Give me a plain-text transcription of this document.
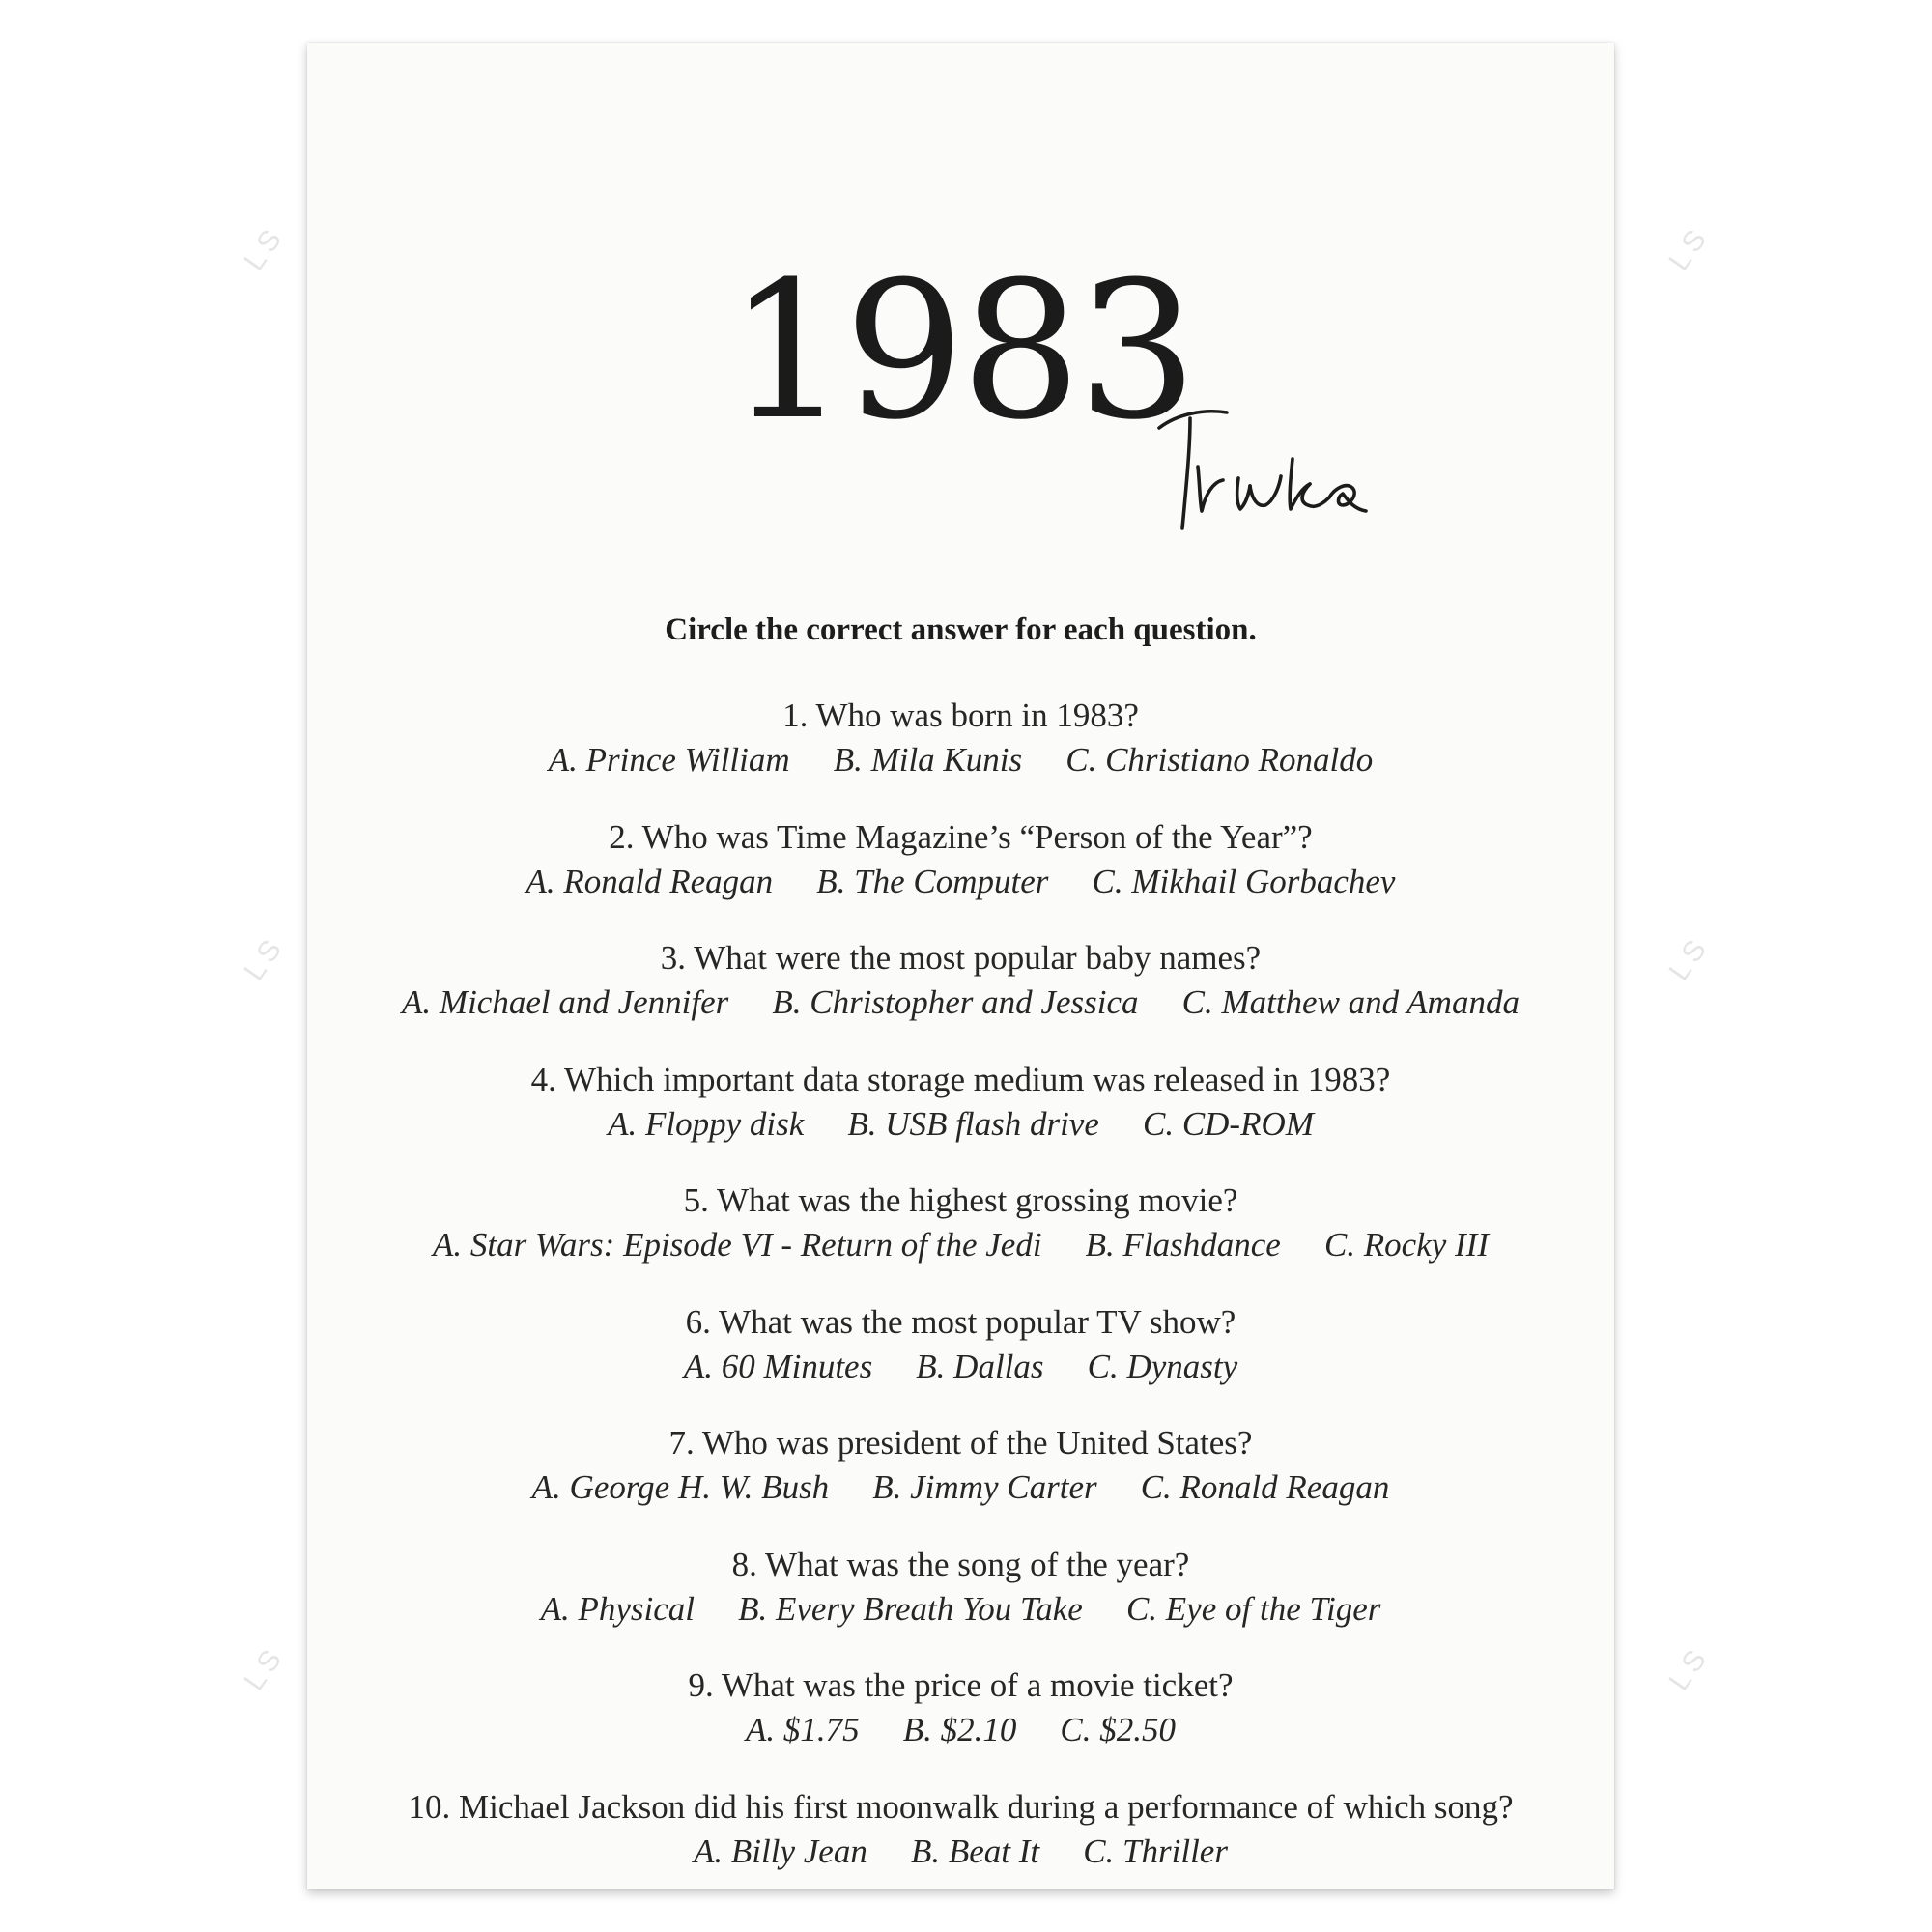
LS	LS
LS	LS
LS	LS
1983
Circle the correct answer for each question.
1. Who was born in 1983?
A. Prince William B. Mila Kunis C. Christiano Ronaldo
2. Who was Time Magazine’s “Person of the Year”?
A. Ronald Reagan B. The Computer C. Mikhail Gorbachev
3. What were the most popular baby names?
A. Michael and Jennifer B. Christopher and Jessica C. Matthew and Amanda
4. Which important data storage medium was released in 1983?
A. Floppy disk B. USB flash drive C. CD-ROM
5. What was the highest grossing movie?
A. Star Wars: Episode VI - Return of the Jedi B. Flashdance C. Rocky III
6. What was the most popular TV show?
A. 60 Minutes B. Dallas C. Dynasty
7. Who was president of the United States?
A. George H. W. Bush B. Jimmy Carter C. Ronald Reagan
8. What was the song of the year?
A. Physical B. Every Breath You Take C. Eye of the Tiger
9. What was the price of a movie ticket?
A. $1.75 B. $2.10 C. $2.50
10. Michael Jackson did his first moonwalk during a performance of which song?
A. Billy Jean B. Beat It C. Thriller
